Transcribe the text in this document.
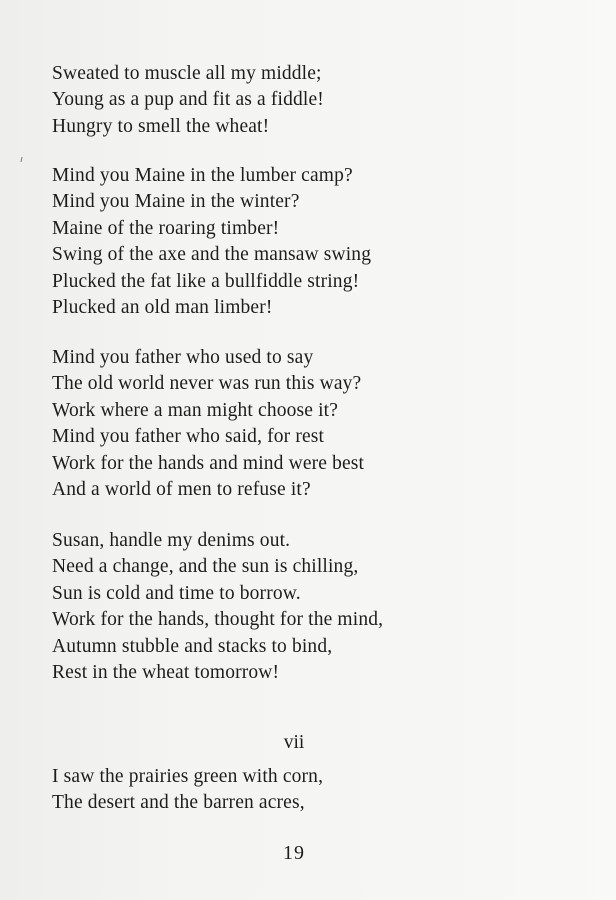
Sweated to muscle all my middle;
Young as a pup and fit as a fiddle!
Hungry to smell the wheat!
Mind you Maine in the lumber camp?
Mind you Maine in the winter?
Maine of the roaring timber!
Swing of the axe and the mansaw swing
Plucked the fat like a bullfiddle string!
Plucked an old man limber!
Mind you father who used to say
The old world never was run this way?
Work where a man might choose it?
Mind you father who said, for rest
Work for the hands and mind were best
And a world of men to refuse it?
Susan, handle my denims out.
Need a change, and the sun is chilling,
Sun is cold and time to borrow.
Work for the hands, thought for the mind,
Autumn stubble and stacks to bind,
Rest in the wheat tomorrow!
vii
I saw the prairies green with corn,
The desert and the barren acres,
19
